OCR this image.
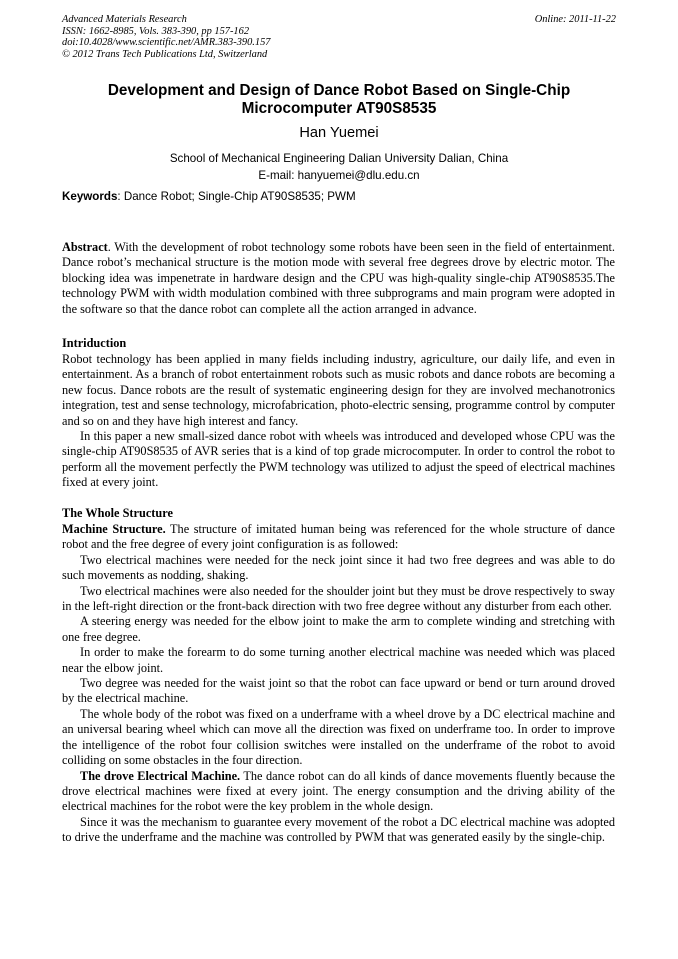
Advanced Materials Research
ISSN: 1662-8985, Vols. 383-390, pp 157-162
doi:10.4028/www.scientific.net/AMR.383-390.157
© 2012 Trans Tech Publications Ltd, Switzerland
Online: 2011-11-22
Development and Design of Dance Robot Based on Single-Chip
Microcomputer AT90S8535
Han Yuemei
School of Mechanical Engineering Dalian University Dalian, China
E-mail: hanyuemei@dlu.edu.cn
Keywords: Dance Robot; Single-Chip AT90S8535; PWM

Abstract. With the development of robot technology some robots have been seen in the field of entertainment. Dance robot’s mechanical structure is the motion mode with several free degrees drove by electric motor. The blocking idea was impenetrate in hardware design and the CPU was high-quality single-chip AT90S8535.The technology PWM with width modulation combined with three subprograms and main program were adopted in the software so that the dance robot can complete all the action arranged in advance.

Intriduction

Robot technology has been applied in many fields including industry, agriculture, our daily life, and even in entertainment. As a branch of robot entertainment robots such as music robots and dance robots are becoming a new focus. Dance robots are the result of systematic engineering design for they are involved mechanotronics integration, test and sense technology, microfabrication, photo-electric sensing, programme control by computer and so on and they have high interest and fancy.

In this paper a new small-sized dance robot with wheels was introduced and developed whose CPU was the single-chip AT90S8535 of AVR series that is a kind of top grade microcomputer. In order to control the robot to perform all the movement perfectly the PWM technology was utilized to adjust the speed of electrical machines fixed at every joint.

The Whole Structure

Machine Structure. The structure of imitated human being was referenced for the whole structure of dance robot and the free degree of every joint configuration is as followed:

Two electrical machines were needed for the neck joint since it had two free degrees and was able to do such movements as nodding, shaking.

Two electrical machines were also needed for the shoulder joint but they must be drove respectively to sway in the left-right direction or the front-back direction with two free degree without any disturber from each other.

A steering energy was needed for the elbow joint to make the arm to complete winding and stretching with one free degree.

In order to make the forearm to do some turning another electrical machine was needed which was placed near the elbow joint.

Two degree was needed for the waist joint so that the robot can face upward or bend or turn around droved by the electrical machine.

The whole body of the robot was fixed on a underframe with a wheel drove by a DC electrical machine and an universal bearing wheel which can move all the direction was fixed on underframe too. In order to improve the intelligence of the robot four collision switches were installed on the underframe of the robot to avoid colliding on some obstacles in the four direction.

The drove Electrical Machine. The dance robot can do all kinds of dance movements fluently because the drove electrical machines were fixed at every joint. The energy consumption and the driving ability of the electrical machines for the robot were the key problem in the whole design.

Since it was the mechanism to guarantee every movement of the robot a DC electrical machine was adopted to drive the underframe and the machine was controlled by PWM that was generated easily by the single-chip.
